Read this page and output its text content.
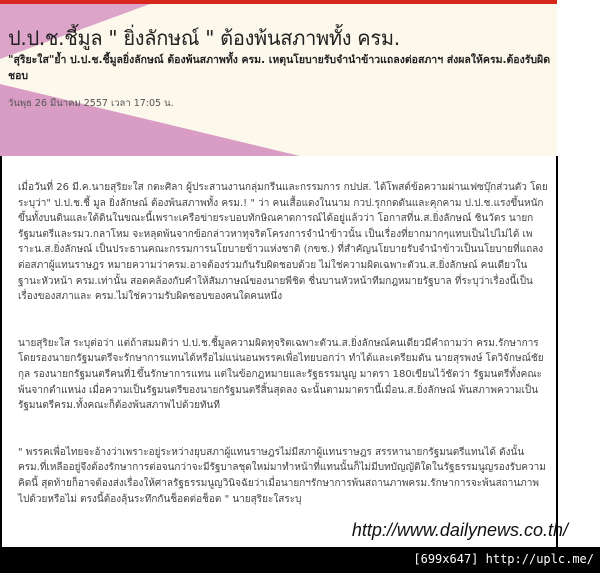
ป.ป.ช.ชี้มูล " ยิ่งลักษณ์ " ต้องพ้นสภาพทั้ง ครม.
"สุริยะใส"ย้ำ ป.ป.ช.ชี้มูลยิ่งลักษณ์ ต้องพ้นสภาพทั้ง ครม. เหตุนโยบายรับจำนำข้าวแถลงต่อสภาฯ ส่งผลให้ครม.ต้องรับผิดชอบ
วันพุธ 26 มีนาคม 2557 เวลา 17:05 น.

เมื่อวันที่ 26 มี.ค.นายสุริยะใส กตะศิลา ผู้ประสานงานกลุ่มกรีนและกรรมการ กปปส. ได้โพสต์ข้อความผ่านเฟซบุ๊กส่วนตัว โดยระบุว่า" ป.ป.ช.ชี้ มูล ยิ่งลักษณ์ ต้องพ้นสภาพทั้ง ครม.! " ว่า คนเสื้อแดงในนาม กวป.รุกกดดันและคุกคาม ป.ป.ช.แรงขึ้นหนักขึ้นทั้งบนดินและใต้ดินในขณะนี้เพราะเครือข่ายระบอบทักษิณคาดการณ์ได้อยู่แล้วว่า โอกาสที่น.ส.ยิ่งลักษณ์ ชินวัตร นายกรัฐมนตรีและรมว.กลาโหม จะหลุดพ้นจากข้อกล่าวหาทุจริตโครงการจำนำข้าวนั้น เป็นเรื่องที่ยากมากๆแทบเป็นไปไม่ได้ เพราะน.ส.ยิ่งลักษณ์ เป็นประธานคณะกรรมการนโยบายข้าวแห่งชาติ (กขช.) ที่สำคัญนโยบายรับจำนำข้าวเป็นนโยบายที่แถลงต่อสภาผู้แทนราษฎร หมายความว่าครม.อาจต้องร่วมกันรับผิดชอบด้วย ไม่ใช่ความผิดเฉพาะตัวน.ส.ยิ่งลักษณ์ คนเดียวในฐานะหัวหน้า ครม.เท่านั้น สอดคล้องกับคำให้สัมภาษณ์ของนายพีชิต ชื่นบานหัวหน้าทีมกฎหมายรัฐบาล ที่ระบุว่าเรื่องนี้เป็นเรื่องของสภาและ ครม.ไม่ใช่ความรับผิดชอบของคนใดคนหนึ่ง

นายสุริยะใส ระบุต่อว่า แต่ถ้าสมมติว่า ป.ป.ช.ชี้มูลความผิดทุจริตเฉพาะตัวน.ส.ยิ่งลักษณ์คนเดียวมีคำถามว่า ครม.รักษาการโดยรองนายกรัฐมนตรีจะรักษาการแทนได้หรือไม่แน่นอนพรรคเพื่อไทยบอกว่า ทำได้และเตรียมดัน นายสุรพงษ์ โตวิจักษณ์ชัยกุล รองนายกรัฐมนตรีคนที่1ขึ้นรักษาการแทน แต่ในข้อกฎหมายและรัฐธรรมนูญ มาตรา 180เขียนไว้ชัดว่า รัฐมนตรีทั้งคณะพ้นจากตำแหน่ง เมื่อความเป็นรัฐมนตรีของนายกรัฐมนตรีสิ้นสุดลง ฉะนั้นตามมาตรานี้เมื่อน.ส.ยิ่งลักษณ์ พ้นสภาพความเป็นรัฐมนตรีครม.ทั้งคณะก็ต้องพ้นสภาพไปด้วยทันที

" พรรคเพื่อไทยจะอ้างว่าเพราะอยู่ระหว่างยุบสภาผู้แทนราษฎรไม่มีสภาผู้แทนราษฎร สรรหานายกรัฐมนตรีแทนได้ ดังนั้น ครม.ที่เหลืออยู่จึงต้องรักษาการต่อจนกว่าจะมีรัฐบาลชุดใหม่มาทำหน้าที่แทนนั้นก็ไม่มีบทบัญญัติใดในรัฐธรรมนูญรองรับความคิดนี้ สุดท้ายก็อาจต้องส่งเรื่องให้ศาลรัฐธรรมนูญวินิจฉัยว่าเมื่อนายกฯรักษาการพ้นสถานภาพครม.รักษาการจะพ้นสถานภาพไปด้วยหรือไม่ ตรงนี้ต้องลุ้นระทึกกันช็อตต่อช็อต " นายสุริยะใสระบุ

http://www.dailynews.co.th/
[699x647] http://uplc.me/
